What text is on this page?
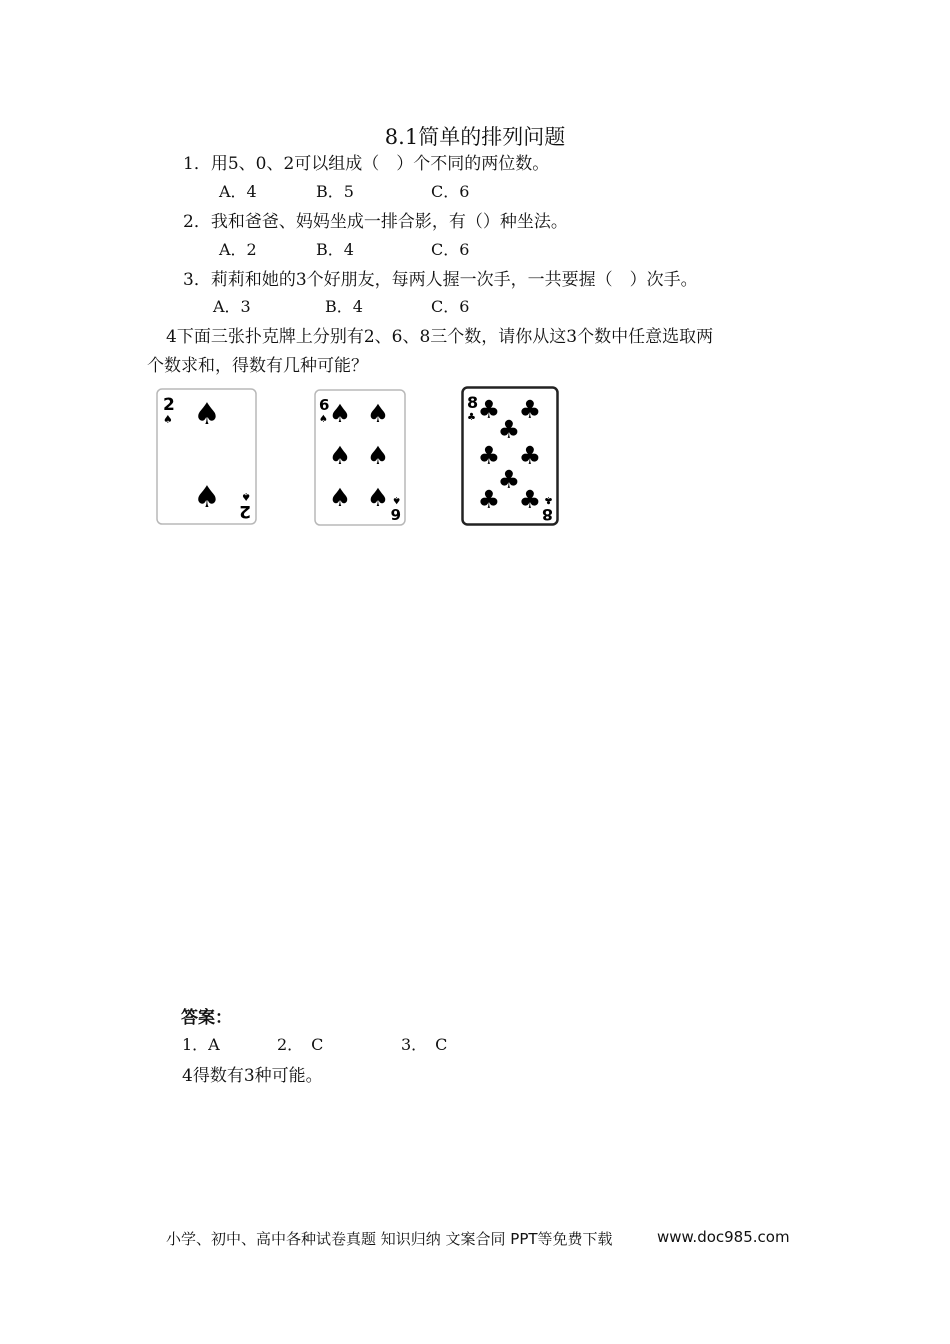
8.1简单的排列问题
1．用5、0、2可以组成（　）个不同的两位数。
A．4	B．5	C．6
2．我和爸爸、妈妈坐成一排合影，有（）种坐法。
A．2	B．4	C．6
3．莉莉和她的3个好朋友，每两人握一次手，一共要握（　）次手。
A．3	B．4	C．6
4下面三张扑克牌上分别有2、6、8三个数，请你从这3个数中任意选取两
个数求和，得数有几种可能？
2
♠ ♠
♠ 2
♠
6
♠ ♠ ♠
♠ ♠
♠ ♠
6
♠
8
♣ ♣ ♣
♣
♣ ♣
♣
♣ ♣
8
♣
答案：
1．A	2．　C	3．　C
4得数有3种可能。
小学、初中、高中各种试卷真题 知识归纳 文案合同 PPT等免费下载	www.doc985.com
